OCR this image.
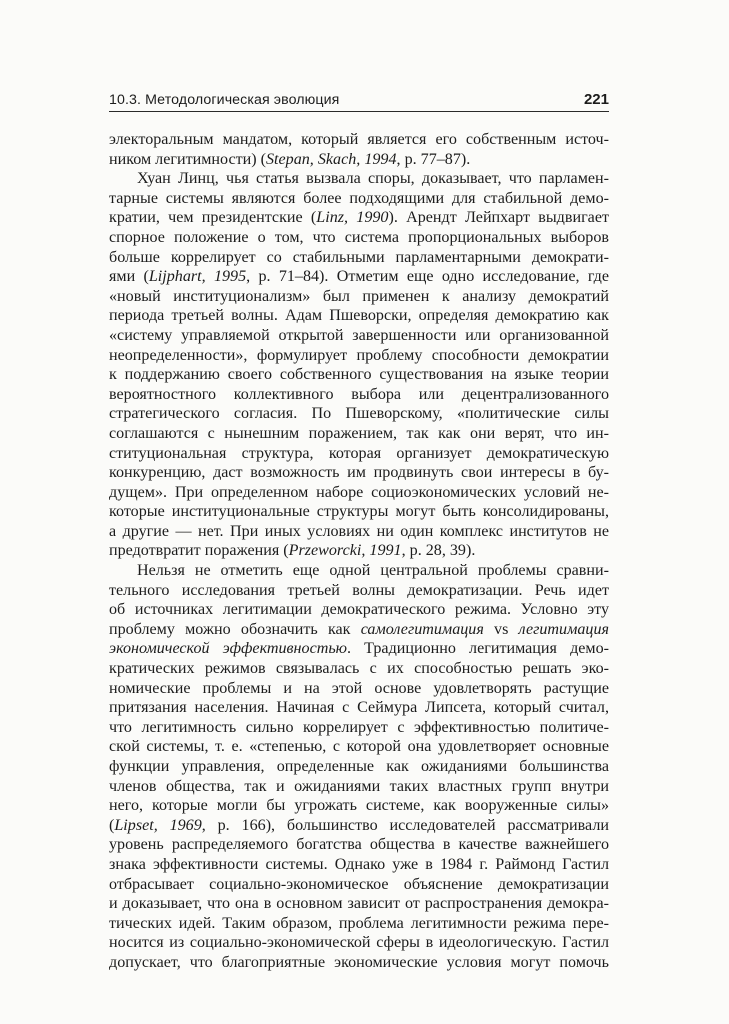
10.3. Методологическая эволюция	221
электоральным мандатом, который является его собственным источ-
ником легитимности) (Stepan, Skach, 1994, p. 77–87).
Хуан Линц, чья статья вызвала споры, доказывает, что парламен-
тарные системы являются более подходящими для стабильной демо-
кратии, чем президентские (Linz, 1990). Арендт Лейпхарт выдвигает
спорное положение о том, что система пропорциональных выборов
больше коррелирует со стабильными парламентарными демократи-
ями (Lijphart, 1995, p. 71–84). Отметим еще одно исследование, где
«новый институционализм» был применен к анализу демократий
периода третьей волны. Адам Пшеворски, определяя демократию как
«систему управляемой открытой завершенности или организованной
неопределенности», формулирует проблему способности демократии
к поддержанию своего собственного существования на языке теории
вероятностного коллективного выбора или децентрализованного
стратегического согласия. По Пшеворскому, «политические силы
соглашаются с нынешним поражением, так как они верят, что ин-
ституциональная структура, которая организует демократическую
конкуренцию, даст возможность им продвинуть свои интересы в бу-
дущем». При определенном наборе социоэкономических условий не-
которые институциональные структуры могут быть консолидированы,
а другие — нет. При иных условиях ни один комплекс институтов не
предотвратит поражения (Przeworcki, 1991, p. 28, 39).
Нельзя не отметить еще одной центральной проблемы сравни-
тельного исследования третьей волны демократизации. Речь идет
об источниках легитимации демократического режима. Условно эту
проблему можно обозначить как самолегитимация vs легитимация
экономической эффективностью. Традиционно легитимация демо-
кратических режимов связывалась с их способностью решать эко-
номические проблемы и на этой основе удовлетворять растущие
притязания населения. Начиная с Сеймура Липсета, который считал,
что легитимность сильно коррелирует с эффективностью политиче-
ской системы, т. е. «степенью, с которой она удовлетворяет основные
функции управления, определенные как ожиданиями большинства
членов общества, так и ожиданиями таких властных групп внутри
него, которые могли бы угрожать системе, как вооруженные силы»
(Lipset, 1969, p. 166), большинство исследователей рассматривали
уровень распределяемого богатства общества в качестве важнейшего
знака эффективности системы. Однако уже в 1984 г. Раймонд Гастил
отбрасывает социально-экономическое объяснение демократизации
и доказывает, что она в основном зависит от распространения демокра-
тических идей. Таким образом, проблема легитимности режима пере-
носится из социально-экономической сферы в идеологическую. Гастил
допускает, что благоприятные экономические условия могут помочь
